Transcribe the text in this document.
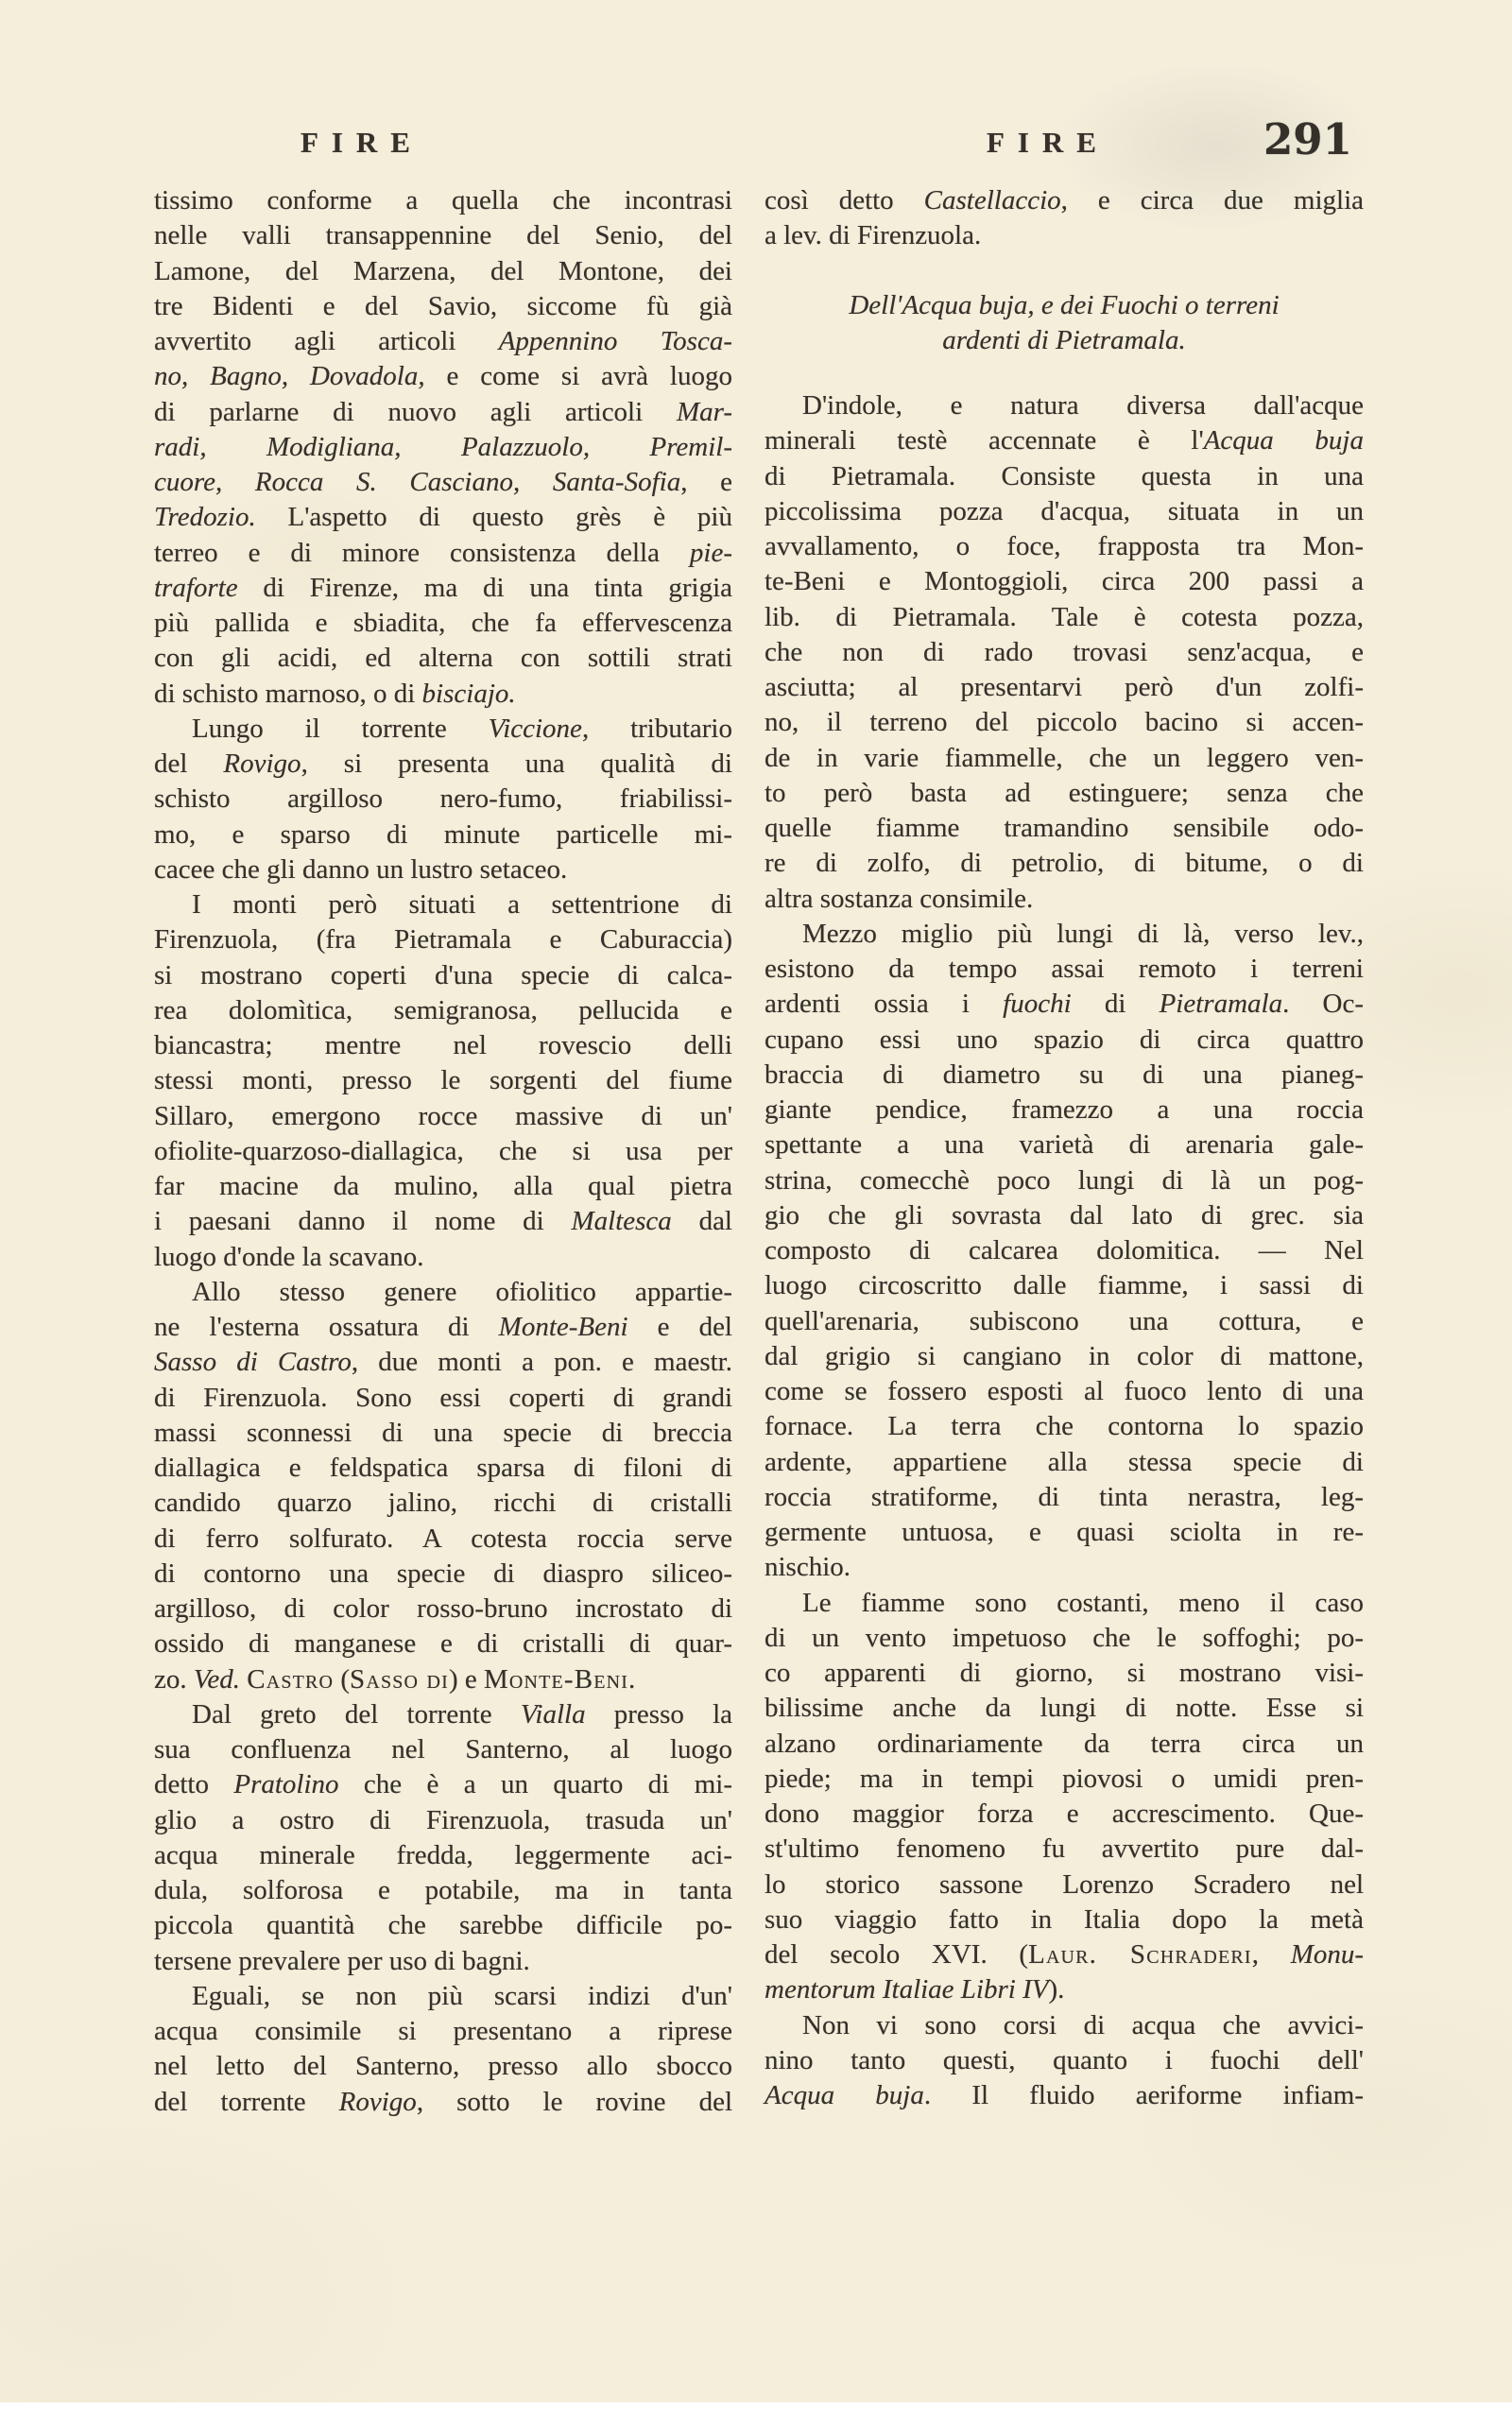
FIRE	FIRE	291
tissimo conforme a quella che incontrasi
nelle valli transappennine del Senio, del
Lamone, del Marzena, del Montone, dei
tre Bidenti e del Savio, siccome fù già
avvertito agli articoli Appennino Tosca-
no, Bagno, Dovadola, e come si avrà luogo
di parlarne di nuovo agli articoli Mar-
radi, Modigliana, Palazzuolo, Premil-
cuore, Rocca S. Casciano, Santa-Sofia, e
Tredozio. L'aspetto di questo grès è più
terreo e di minore consistenza della pie-
traforte di Firenze, ma di una tinta grigia
più pallida e sbiadita, che fa effervescenza
con gli acidi, ed alterna con sottili strati
di schisto marnoso, o di bisciajo.
Lungo il torrente Viccione, tributario
del Rovigo, si presenta una qualità di
schisto argilloso nero-fumo, friabilissi-
mo, e sparso di minute particelle mi-
cacee che gli danno un lustro setaceo.
I monti però situati a settentrione di
Firenzuola, (fra Pietramala e Caburaccia)
si mostrano coperti d'una specie di calca-
rea dolomìtica, semigranosa, pellucida e
biancastra; mentre nel rovescio delli
stessi monti, presso le sorgenti del fiume
Sillaro, emergono rocce massive di un'
ofiolite-quarzoso-diallagica, che si usa per
far macine da mulino, alla qual pietra
i paesani danno il nome di Maltesca dal
luogo d'onde la scavano.
Allo stesso genere ofiolitico appartie-
ne l'esterna ossatura di Monte-Beni e del
Sasso di Castro, due monti a pon. e maestr.
di Firenzuola. Sono essi coperti di grandi
massi sconnessi di una specie di breccia
diallagica e feldspatica sparsa di filoni di
candido quarzo jalino, ricchi di cristalli
di ferro solfurato. A cotesta roccia serve
di contorno una specie di diaspro siliceo-
argilloso, di color rosso-bruno incrostato di
ossido di manganese e di cristalli di quar-
zo. Ved. Castro (Sasso di) e Monte-Beni.
Dal greto del torrente Vialla presso la
sua confluenza nel Santerno, al luogo
detto Pratolino che è a un quarto di mi-
glio a ostro di Firenzuola, trasuda un'
acqua minerale fredda, leggermente aci-
dula, solforosa e potabile, ma in tanta
piccola quantità che sarebbe difficile po-
tersene prevalere per uso di bagni.
Eguali, se non più scarsi indizi d'un'
acqua consimile si presentano a riprese
nel letto del Santerno, presso allo sbocco
del torrente Rovigo, sotto le rovine del
così detto Castellaccio, e circa due miglia
a lev. di Firenzuola.
Dell'Acqua buja, e dei Fuochi o terreni
ardenti di Pietramala.
D'indole, e natura diversa dall'acque
minerali testè accennate è l'Acqua buja
di Pietramala. Consiste questa in una
piccolissima pozza d'acqua, situata in un
avvallamento, o foce, frapposta tra Mon-
te-Beni e Montoggioli, circa 200 passi a
lib. di Pietramala. Tale è cotesta pozza,
che non di rado trovasi senz'acqua, e
asciutta; al presentarvi però d'un zolfi-
no, il terreno del piccolo bacino si accen-
de in varie fiammelle, che un leggero ven-
to però basta ad estinguere; senza che
quelle fiamme tramandino sensibile odo-
re di zolfo, di petrolio, di bitume, o di
altra sostanza consimile.
Mezzo miglio più lungi di là, verso lev.,
esistono da tempo assai remoto i terreni
ardenti ossia i fuochi di Pietramala. Oc-
cupano essi uno spazio di circa quattro
braccia di diametro su di una pianeg-
giante pendice, framezzo a una roccia
spettante a una varietà di arenaria gale-
strina, comecchè poco lungi di là un pog-
gio che gli sovrasta dal lato di grec. sia
composto di calcarea dolomitica. — Nel
luogo circoscritto dalle fiamme, i sassi di
quell'arenaria, subiscono una cottura, e
dal grigio si cangiano in color di mattone,
come se fossero esposti al fuoco lento di una
fornace. La terra che contorna lo spazio
ardente, appartiene alla stessa specie di
roccia stratiforme, di tinta nerastra, leg-
germente untuosa, e quasi sciolta in re-
nischio.
Le fiamme sono costanti, meno il caso
di un vento impetuoso che le soffoghi; po-
co apparenti di giorno, si mostrano visi-
bilissime anche da lungi di notte. Esse si
alzano ordinariamente da terra circa un
piede; ma in tempi piovosi o umidi pren-
dono maggior forza e accrescimento. Que-
st'ultimo fenomeno fu avvertito pure dal-
lo storico sassone Lorenzo Scradero nel
suo viaggio fatto in Italia dopo la metà
del secolo XVI. (Laur. Schraderi, Monu-
mentorum Italiae Libri IV).
Non vi sono corsi di acqua che avvici-
nino tanto questi, quanto i fuochi dell'
Acqua buja. Il fluido aeriforme infiam-
